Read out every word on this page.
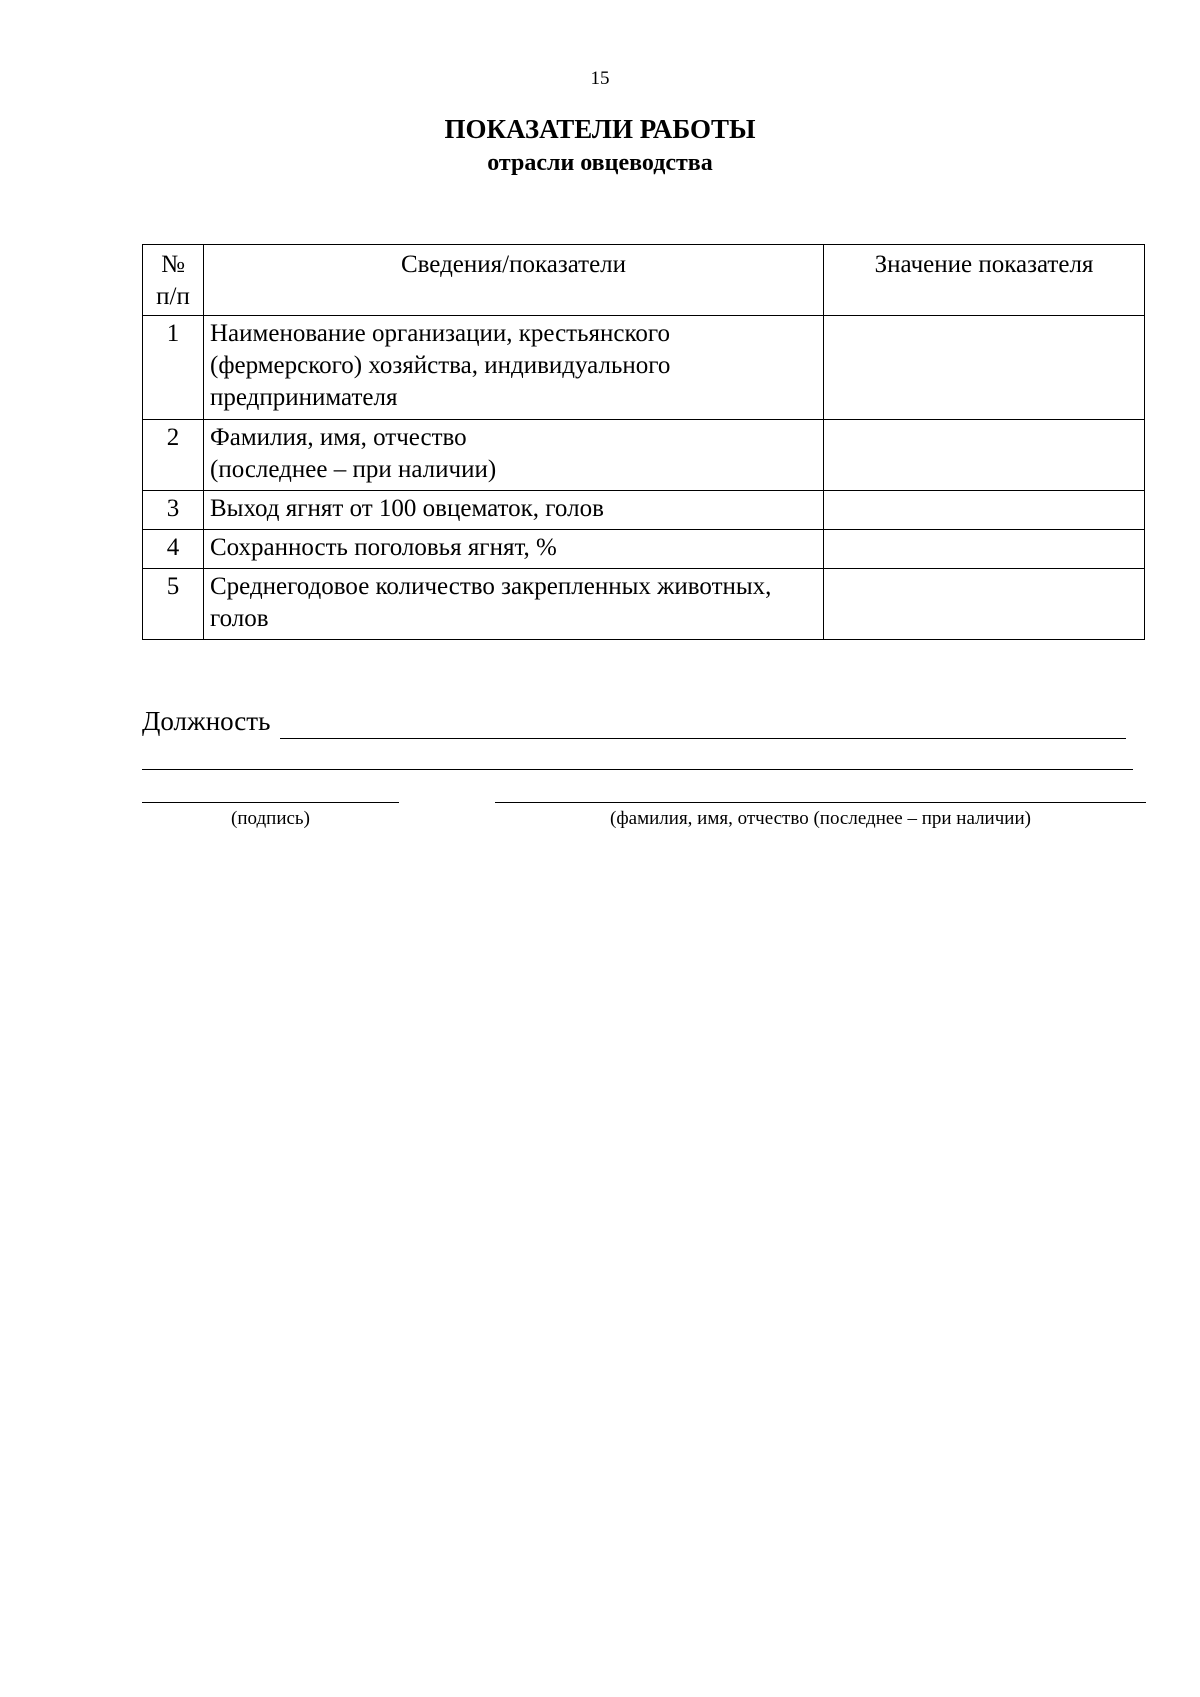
15
ПОКАЗАТЕЛИ РАБОТЫ
отрасли овцеводства
№
п/п	Сведения/показатели	Значение показателя
1	Наименование организации, крестьянского (фермерского) хозяйства, индивидуального предпринимателя	
2	Фамилия, имя, отчество
(последнее – при наличии)	
3	Выход ягнят от 100 овцематок, голов	
4	Сохранность поголовья ягнят, %	
5	Среднегодовое количество закрепленных животных, голов	
Должность
(подпись)	(фамилия, имя, отчество (последнее – при наличии)
